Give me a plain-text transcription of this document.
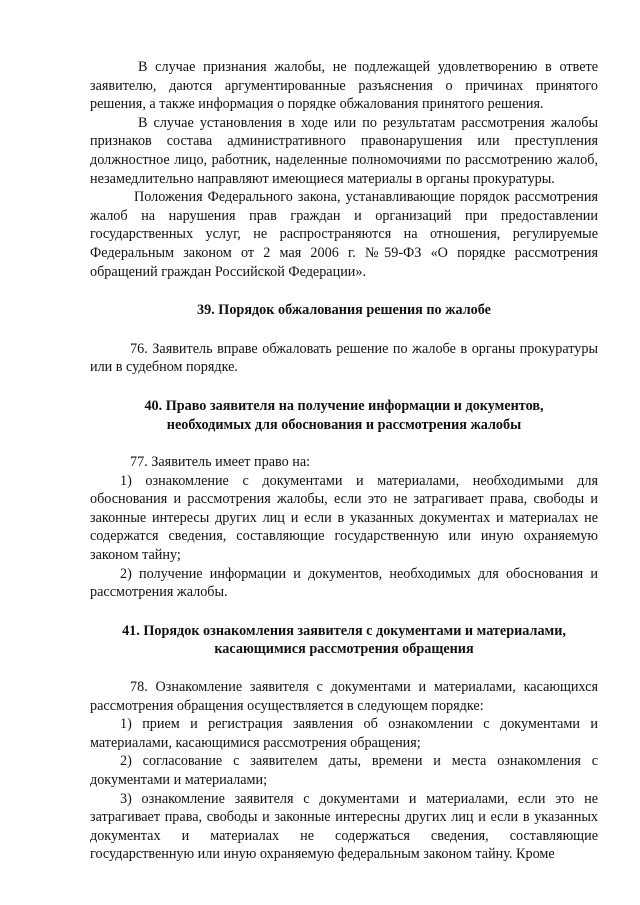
В случае признания жалобы, не подлежащей удовлетворению в ответе заявителю, даются аргументированные разъяснения о причинах принятого решения, а также информация о порядке обжалования принятого решения.

В случае установления в ходе или по результатам рассмотрения жалобы признаков состава административного правонарушения или преступления должностное лицо, работник, наделенные полномочиями по рассмотрению жалоб, незамедлительно направляют имеющиеся материалы в органы прокуратуры.

Положения Федерального закона, устанавливающие порядок рассмотрения жалоб на нарушения прав граждан и организаций при предоставлении государственных услуг, не распространяются на отношения, регулируемые Федеральным законом от 2 мая 2006 г. №59-ФЗ «О порядке рассмотрения обращений граждан Российской Федерации».

39. Порядок обжалования решения по жалобе

76. Заявитель вправе обжаловать решение по жалобе в органы прокуратуры или в судебном порядке.

40. Право заявителя на получение информации и документов,

необходимых для обоснования и рассмотрения жалобы

77. Заявитель имеет право на:

1) ознакомление с документами и материалами, необходимыми для обоснования и рассмотрения жалобы, если это не затрагивает права, свободы и законные интересы других лиц и если в указанных документах и материалах не содержатся сведения, составляющие государственную или иную охраняемую законом тайну;

2) получение информации и документов, необходимых для обоснования и рассмотрения жалобы.

41. Порядок ознакомления заявителя с документами и материалами,

касающимися рассмотрения обращения

78. Ознакомление заявителя с документами и материалами, касающихся рассмотрения обращения осуществляется в следующем порядке:

1) прием и регистрация заявления об ознакомлении с документами и материалами, касающимися рассмотрения обращения;

2) согласование с заявителем даты, времени и места ознакомления с документами и материалами;

3) ознакомление заявителя с документами и материалами, если это не затрагивает права, свободы и законные интересны других лиц и если в указанных документах и материалах не содержаться сведения, составляющие государственную или иную охраняемую федеральным законом тайну. Кроме
